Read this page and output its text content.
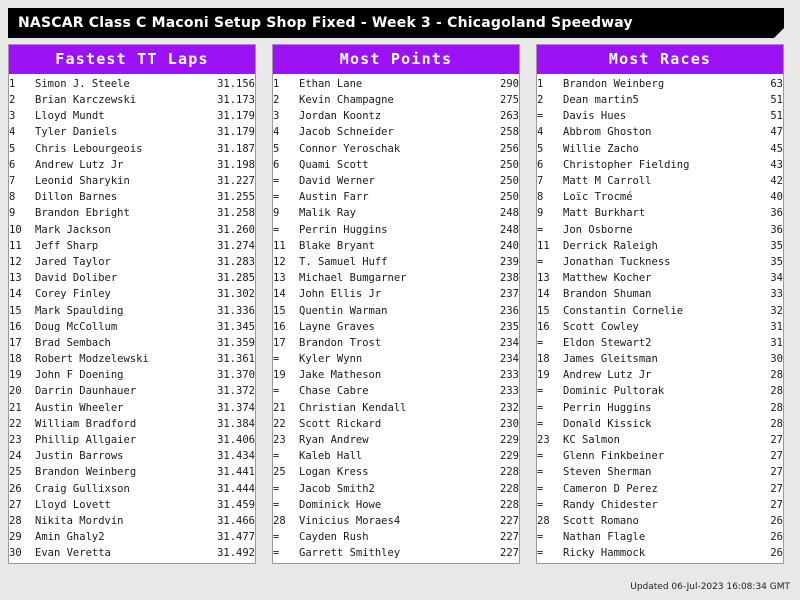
NASCAR Class C Maconi Setup Shop Fixed - Week 3 - Chicagoland Speedway
Fastest TT Laps
1	Simon J. Steele	31.156
2	Brian Karczewski	31.173
3	Lloyd Mundt	31.179
4	Tyler Daniels	31.179
5	Chris Lebourgeois	31.187
6	Andrew Lutz Jr	31.198
7	Leonid Sharykin	31.227
8	Dillon Barnes	31.255
9	Brandon Ebright	31.258
10	Mark Jackson	31.260
11	Jeff Sharp	31.274
12	Jared Taylor	31.283
13	David Doliber	31.285
14	Corey Finley	31.302
15	Mark Spaulding	31.336
16	Doug McCollum	31.345
17	Brad Sembach	31.359
18	Robert Modzelewski	31.361
19	John F Doening	31.370
20	Darrin Daunhauer	31.372
21	Austin Wheeler	31.374
22	William Bradford	31.384
23	Phillip Allgaier	31.406
24	Justin Barrows	31.434
25	Brandon Weinberg	31.441
26	Craig Gullixson	31.444
27	Lloyd Lovett	31.459
28	Nikita Mordvin	31.466
29	Amin Ghaly2	31.477
30	Evan Veretta	31.492
Most Points
1	Ethan Lane	290
2	Kevin Champagne	275
3	Jordan Koontz	263
4	Jacob Schneider	258
5	Connor Yeroschak	256
6	Quami Scott	250
=	David Werner	250
=	Austin Farr	250
9	Malik Ray	248
=	Perrin Huggins	248
11	Blake Bryant	240
12	T. Samuel Huff	239
13	Michael Bumgarner	238
14	John Ellis Jr	237
15	Quentin Warman	236
16	Layne Graves	235
17	Brandon Trost	234
=	Kyler Wynn	234
19	Jake Matheson	233
=	Chase Cabre	233
21	Christian Kendall	232
22	Scott Rickard	230
23	Ryan Andrew	229
=	Kaleb Hall	229
25	Logan Kress	228
=	Jacob Smith2	228
=	Dominick Howe	228
28	Vinicius Moraes4	227
=	Cayden Rush	227
=	Garrett Smithley	227
Most Races
1	Brandon Weinberg	63
2	Dean martin5	51
=	Davis Hues	51
4	Abbrom Ghoston	47
5	Willie Zacho	45
6	Christopher Fielding	43
7	Matt M Carroll	42
8	Loïc Trocmé	40
9	Matt Burkhart	36
=	Jon Osborne	36
11	Derrick Raleigh	35
=	Jonathan Tuckness	35
13	Matthew Kocher	34
14	Brandon Shuman	33
15	Constantin Cornelie	32
16	Scott Cowley	31
=	Eldon Stewart2	31
18	James Gleitsman	30
19	Andrew Lutz Jr	28
=	Dominic Pultorak	28
=	Perrin Huggins	28
=	Donald Kissick	28
23	KC Salmon	27
=	Glenn Finkbeiner	27
=	Steven Sherman	27
=	Cameron D Perez	27
=	Randy Chidester	27
28	Scott Romano	26
=	Nathan Flagle	26
=	Ricky Hammock	26
Updated 06-Jul-2023 16:08:34 GMT
